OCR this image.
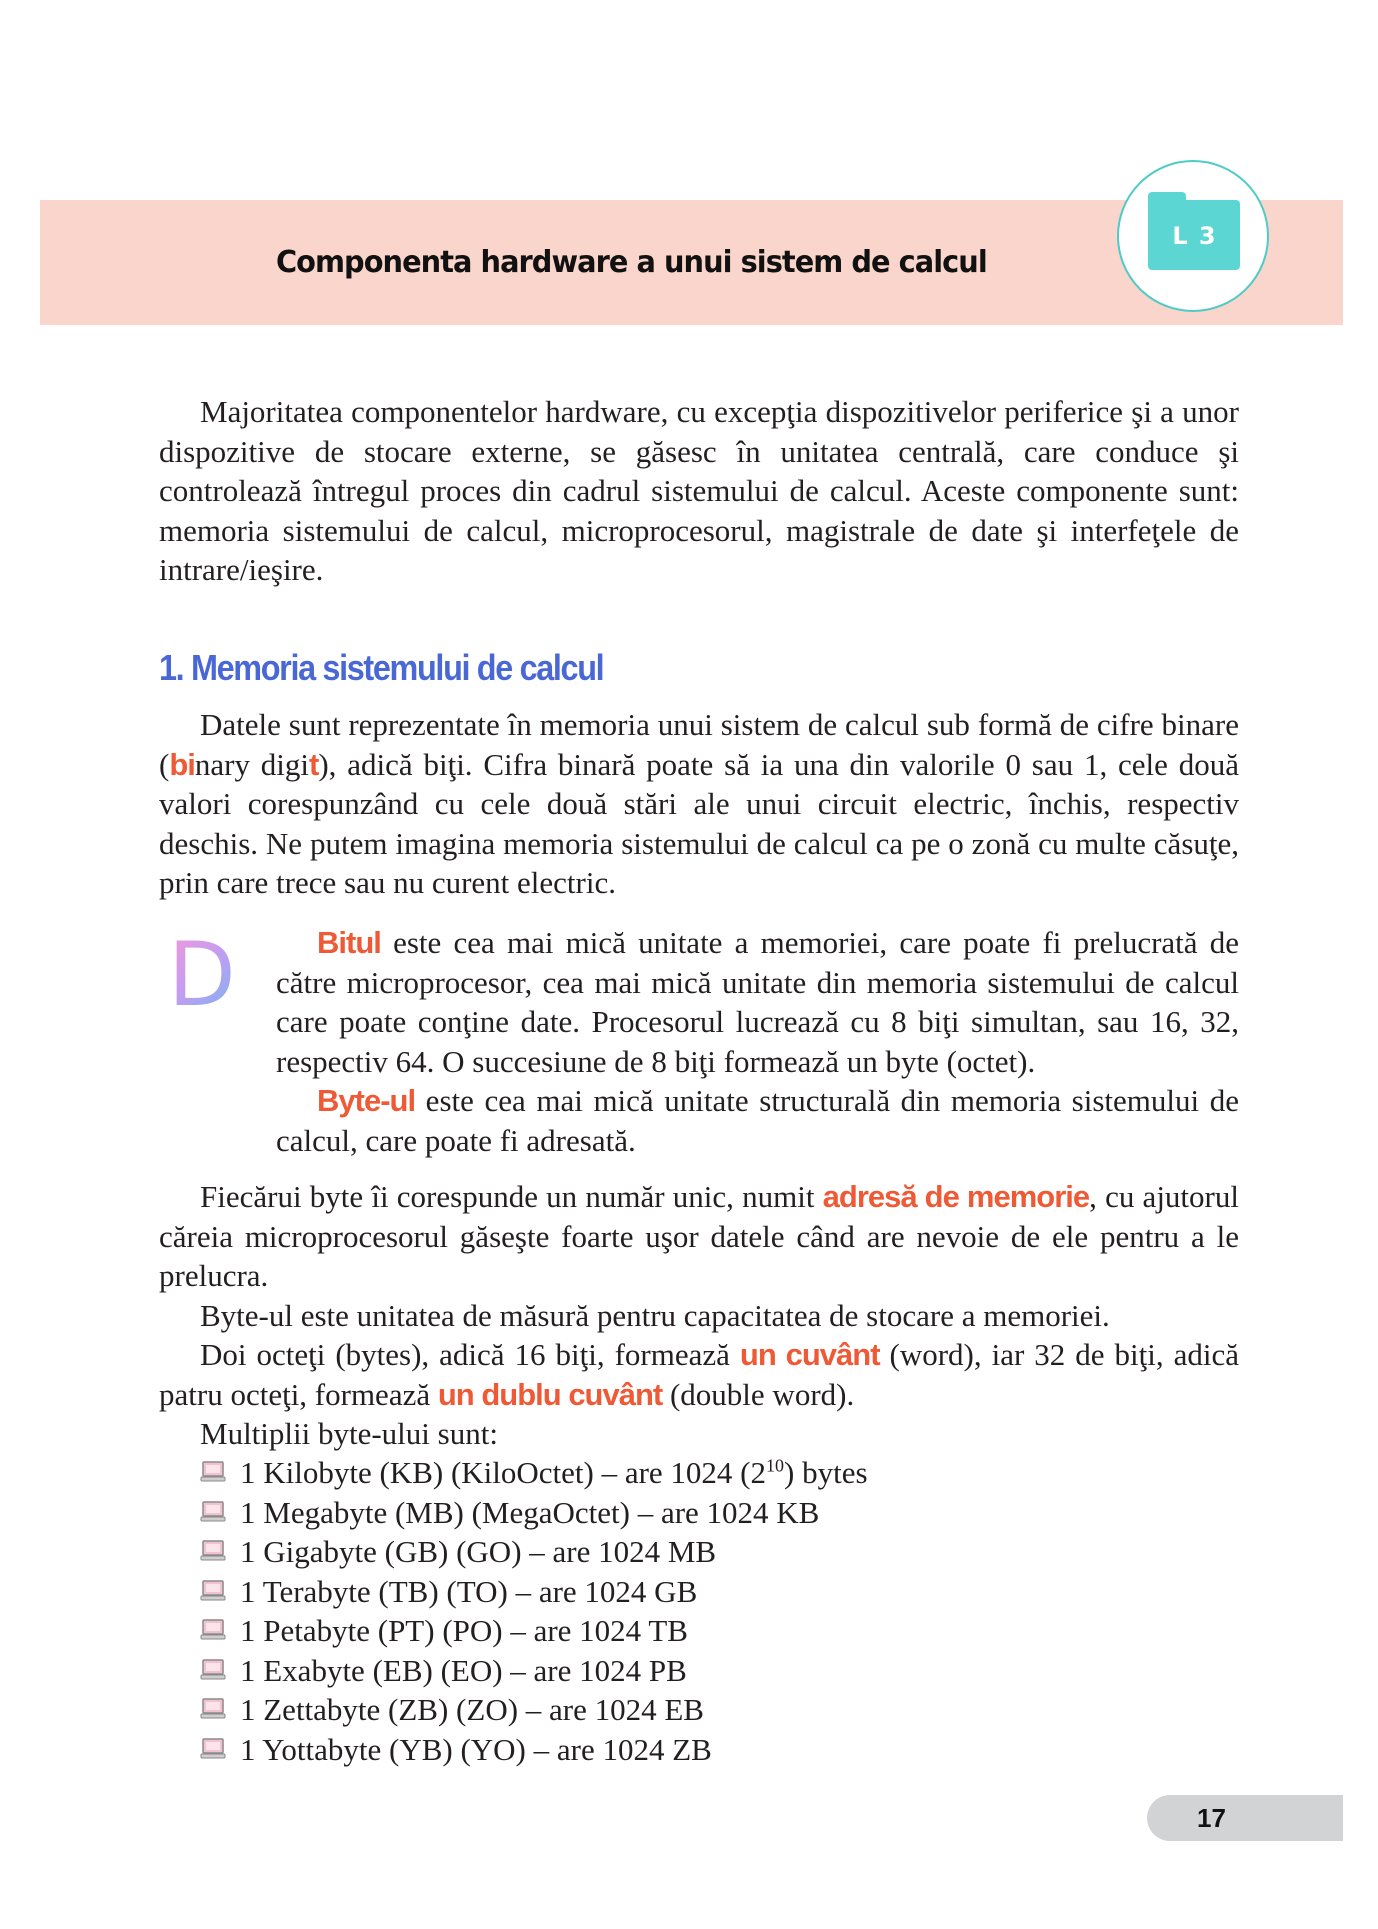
Componenta hardware a unui sistem de calcul
L 3

Majoritatea componentelor hardware, cu excepţia dispozitivelor periferice şi a unor dispozitive de stocare externe, se găsesc în unitatea centrală, care conduce şi controlează întregul proces din cadrul sistemului de calcul. Aceste componente sunt: memoria sistemului de calcul, microprocesorul, magistrale de date şi interfeţele de intrare/ieşire.

1. Memoria sistemului de calcul

Datele sunt reprezentate în memoria unui sistem de calcul sub formă de cifre binare (binary digit), adică biţi. Cifra binară poate să ia una din valorile 0 sau 1, cele două valori corespunzând cu cele două stări ale unui circuit electric, închis, respectiv deschis. Ne putem imagina memoria sistemului de calcul ca pe o zonă cu multe căsuţe, prin care trece sau nu curent electric.

D	Bitul este cea mai mică unitate a memoriei, care poate fi prelucrată de către microprocesor, cea mai mică unitate din memoria sistemului de calcul care poate conţine date. Procesorul lucrează cu 8 biţi simultan, sau 16, 32, respectiv 64. O succesiune de 8 biţi formează un byte (octet).

Byte-ul este cea mai mică unitate structurală din memoria sistemului de calcul, care poate fi adresată.

Fiecărui byte îi corespunde un număr unic, numit adresă de memorie, cu ajutorul căreia microprocesorul găseşte foarte uşor datele când are nevoie de ele pentru a le prelucra.

Byte-ul este unitatea de măsură pentru capacitatea de stocare a memoriei.

Doi octeţi (bytes), adică 16 biţi, formează un cuvânt (word), iar 32 de biţi, adică patru octeţi, formează un dublu cuvânt (double word).

Multiplii byte-ului sunt:

1 Kilobyte (KB) (KiloOctet) – are 1024 $(2^{10})$ bytes
1 Megabyte (MB) (MegaOctet) – are 1024 KB
1 Gigabyte (GB) (GO) – are 1024 MB
1 Terabyte (TB) (TO) – are 1024 GB
1 Petabyte (PT) (PO) – are 1024 TB
1 Exabyte (EB) (EO) – are 1024 PB
1 Zettabyte (ZB) (ZO) – are 1024 EB
1 Yottabyte (YB) (YO) – are 1024 ZB
17
